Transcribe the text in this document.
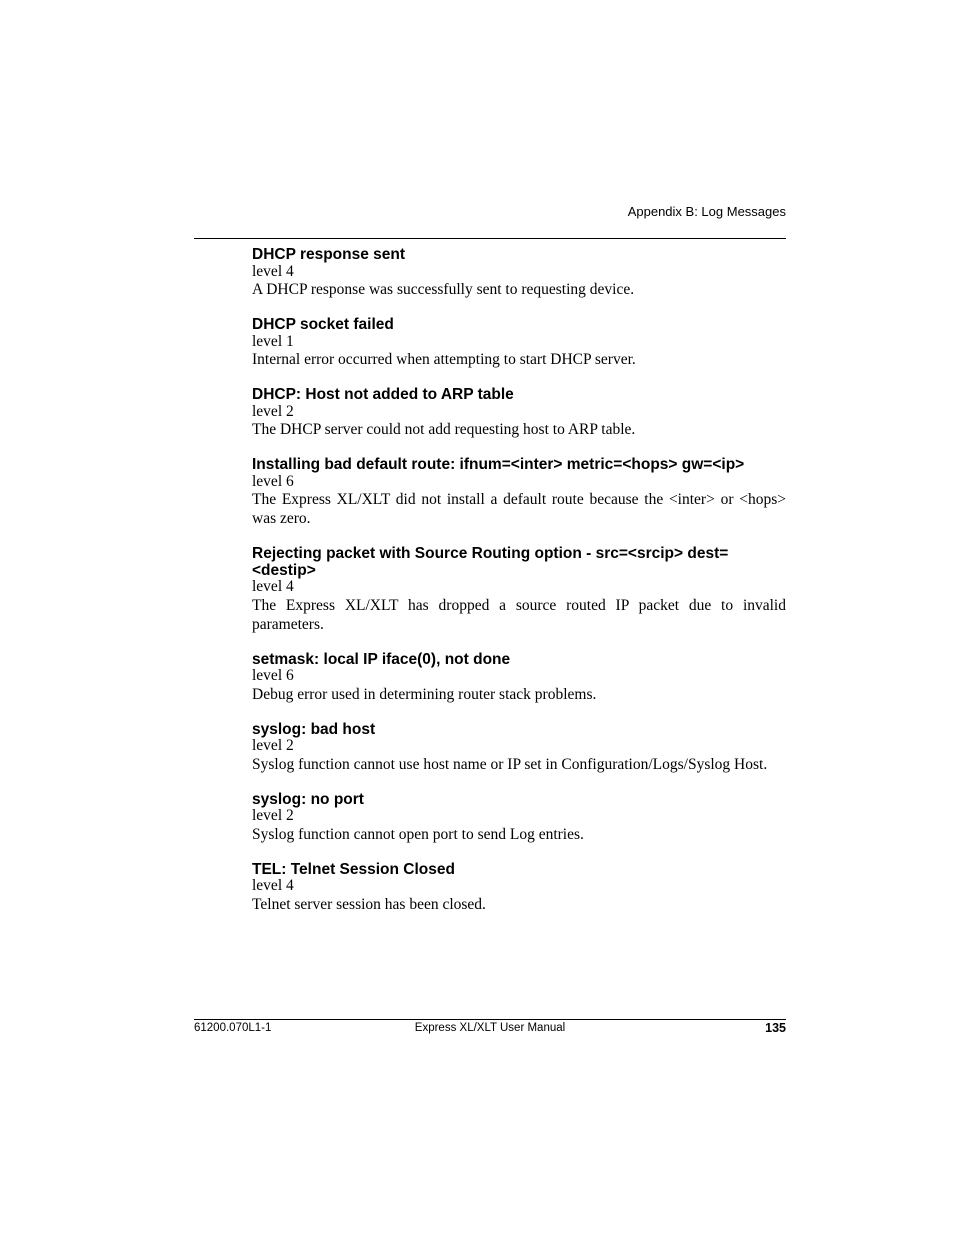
Appendix B: Log Messages

DHCP response sent

level 4

A DHCP response was successfully sent to requesting device.

DHCP socket failed

level 1

Internal error occurred when attempting to start DHCP server.

DHCP: Host not added to ARP table

level 2

The DHCP server could not add requesting host to ARP table.

Installing bad default route: ifnum=<inter> metric=<hops> gw=<ip>

level 6

The Express XL/XLT did not install a default route because the <inter> or <hops> was zero.

Rejecting packet with Source Routing option - src=<srcip> dest=<destip>

level 4

The Express XL/XLT has dropped a source routed IP packet due to invalid parameters.

setmask: local IP iface(0), not done

level 6

Debug error used in determining router stack problems.

syslog: bad host

level 2

Syslog function cannot use host name or IP set in Configuration/Logs/Syslog Host.

syslog: no port

level 2

Syslog function cannot open port to send Log entries.

TEL: Telnet Session Closed

level 4

Telnet server session has been closed.

61200.070L1-1	Express XL/XLT User Manual	135
